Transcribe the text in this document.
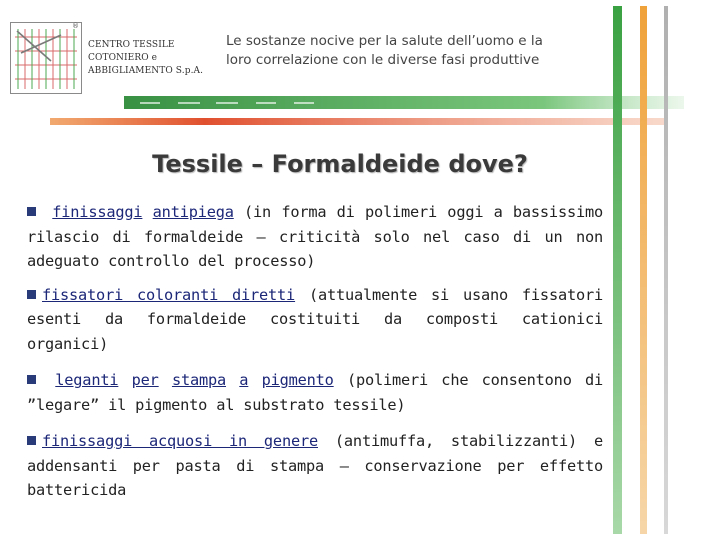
®
CENTRO TESSILE
COTONIERO e
ABBIGLIAMENTO S.p.A.
Le sostanze nocive per la salute dell’uomo e la
loro correlazione con le diverse fasi produttive
Tessile – Formaldeide dove?
finissaggi antipiega (in forma di polimeri oggi a bassissimo rilascio di formaldeide – criticità solo nel caso di un non adeguato controllo del processo)
fissatori coloranti diretti (attualmente si usano fissatori esenti da formaldeide costituiti da composti cationici organici)
leganti per stampa a pigmento (polimeri che consentono di ”legare” il pigmento al substrato tessile)
finissaggi acquosi in genere (antimuffa, stabilizzanti) e addensanti per pasta di stampa – conservazione per effetto battericida
